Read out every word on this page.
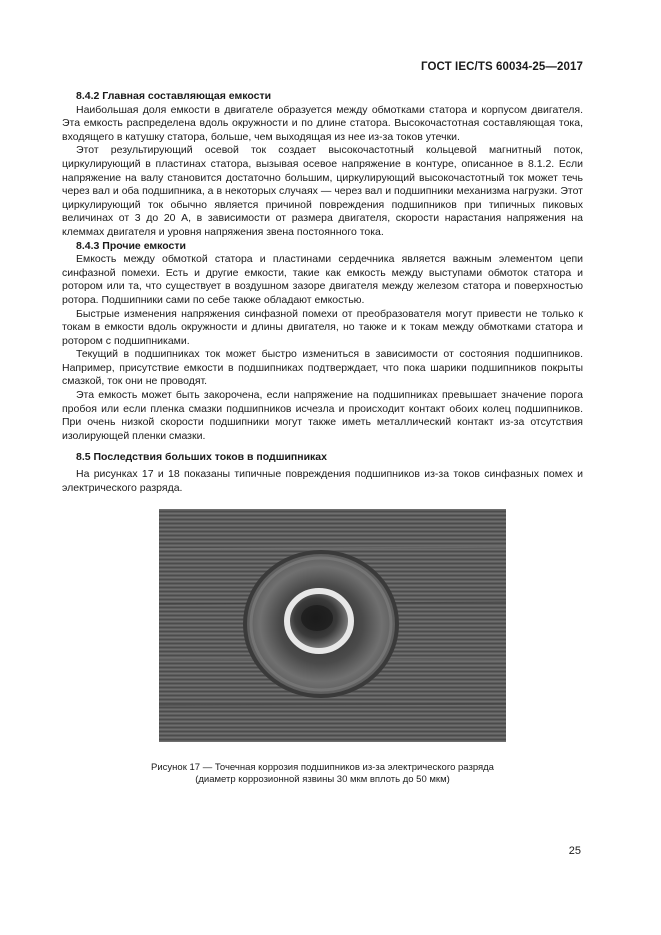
ГОСТ IEC/TS 60034-25—2017
8.4.2 Главная составляющая емкости

Наибольшая доля емкости в двигателе образуется между обмотками статора и корпусом двигателя. Эта емкость распределена вдоль окружности и по длине статора. Высокочастотная составляющая тока, входящего в катушку статора, больше, чем выходящая из нее из-за токов утечки.

Этот результирующий осевой ток создает высокочастотный кольцевой магнитный поток, циркулирующий в пластинах статора, вызывая осевое напряжение в контуре, описанное в 8.1.2. Если напряжение на валу становится достаточно большим, циркулирующий высокочастотный ток может течь через вал и оба подшипника, а в некоторых случаях — через вал и подшипники механизма нагрузки. Этот циркулирующий ток обычно является причиной повреждения подшипников при типичных пиковых величинах от 3 до 20 А, в зависимости от размера двигателя, скорости нарастания напряжения на клеммах двигателя и уровня напряжения звена постоянного тока.

8.4.3 Прочие емкости

Емкость между обмоткой статора и пластинами сердечника является важным элементом цепи синфазной помехи. Есть и другие емкости, такие как емкость между выступами обмоток статора и ротором или та, что существует в воздушном зазоре двигателя между железом статора и поверхностью ротора. Подшипники сами по себе также обладают емкостью.

Быстрые изменения напряжения синфазной помехи от преобразователя могут привести не только к токам в емкости вдоль окружности и длины двигателя, но также и к токам между обмотками статора и ротором с подшипниками.

Текущий в подшипниках ток может быстро измениться в зависимости от состояния подшипников. Например, присутствие емкости в подшипниках подтверждает, что пока шарики подшипников покрыты смазкой, ток они не проводят.

Эта емкость может быть закорочена, если напряжение на подшипниках превышает значение порога пробоя или если пленка смазки подшипников исчезла и происходит контакт обоих колец подшипников. При очень низкой скорости подшипники могут также иметь металлический контакт из-за отсутствия изолирующей пленки смазки.

8.5 Последствия больших токов в подшипниках

На рисунках 17 и 18 показаны типичные повреждения подшипников из-за токов синфазных помех и электрического разряда.

Рисунок 17 — Точечная коррозия подшипников из-за электрического разряда
(диаметр коррозионной язвины 30 мкм вплоть до 50 мкм)
25
